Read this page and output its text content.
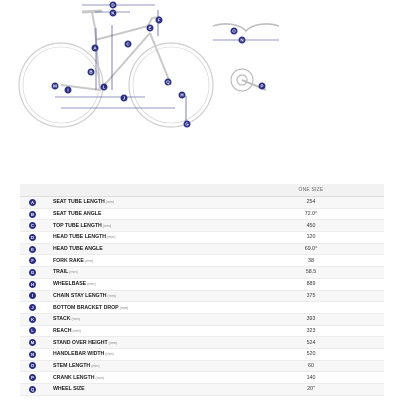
D
K
A
B
C
E
F
I
L
J
H
G
N
O
P
M
Q
ONE SIZE
A	SEAT TUBE LENGTH(mm)	254
B	SEAT TUBE ANGLE	72.0°
C	TOP TUBE LENGTH(mm)	450
D	HEAD TUBE LENGTH(mm)	120
E	HEAD TUBE ANGLE	69.0°
F	FORK RAKE(mm)	38
G	TRAIL(mm)	58.5
H	WHEELBASE(mm)	889
I	CHAIN STAY LENGTH(mm)	375
J	BOTTOM BRACKET DROP(mm)
K	STACK(mm)	393
L	REACH(mm)	323
M	STAND OVER HEIGHT(mm)	524
N	HANDLEBAR WIDTH(mm)	520
O	STEM LENGTH(mm)	60
P	CRANK LENGTH(mm)	140
Q	WHEEL SIZE	20"
